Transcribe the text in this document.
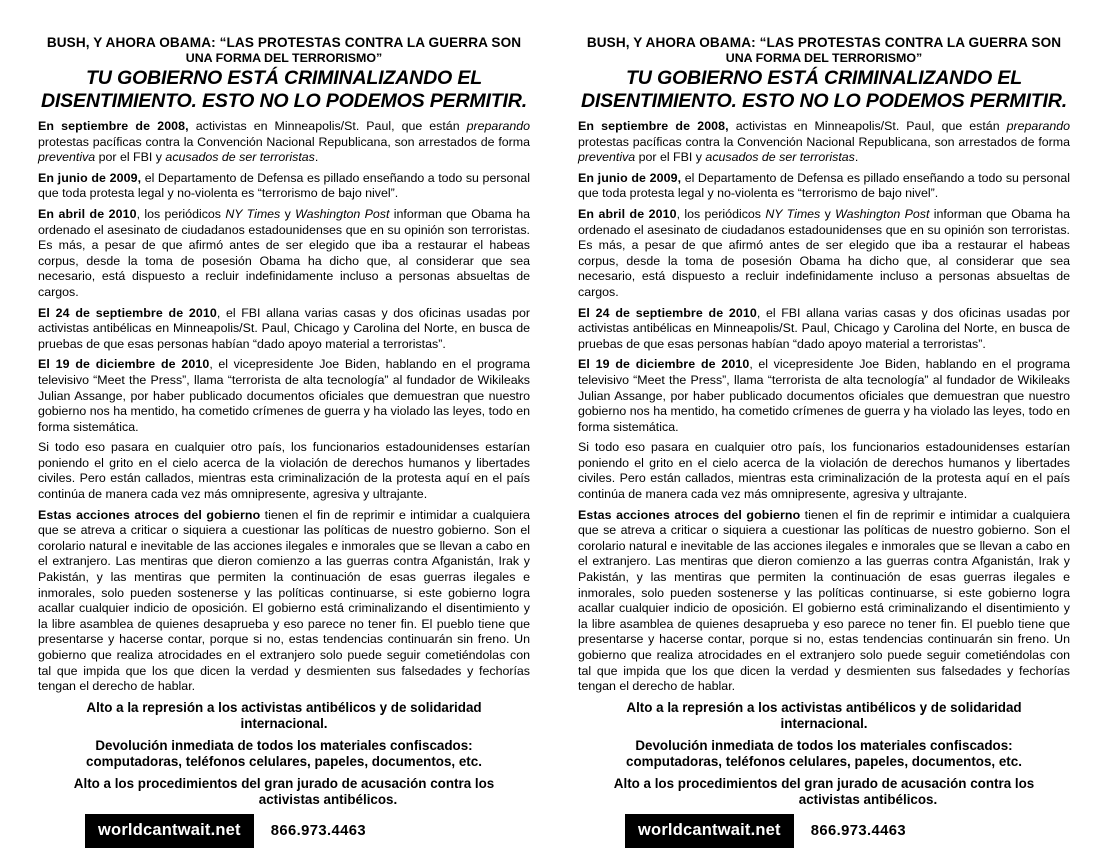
BUSH, Y AHORA OBAMA: “LAS PROTESTAS CONTRA LA GUERRA SON
UNA FORMA DEL TERRORISMO”
TU GOBIERNO ESTÁ CRIMINALIZANDO EL
DISENTIMIENTO. ESTO NO LO PODEMOS PERMITIR.

En septiembre de 2008, activistas en Minneapolis/St. Paul, que están preparando protestas pacíficas contra la Convención Nacional Republicana, son arrestados de forma preventiva por el FBI y acusados de ser terroristas.

En junio de 2009, el Departamento de Defensa es pillado enseñando a todo su personal que toda protesta legal y no-violenta es “terrorismo de bajo nivel”.

En abril de 2010, los periódicos NY Times y Washington Post informan que Obama ha ordenado el asesinato de ciudadanos estadounidenses que en su opinión son terroristas. Es más, a pesar de que afirmó antes de ser elegido que iba a restaurar el habeas corpus, desde la toma de posesión Obama ha dicho que, al considerar que sea necesario, está dispuesto a recluir indefinidamente incluso a personas absueltas de cargos.

El 24 de septiembre de 2010, el FBI allana varias casas y dos oficinas usadas por activistas antibélicas en Minneapolis/St. Paul, Chicago y Carolina del Norte, en busca de pruebas de que esas personas habían “dado apoyo material a terroristas”.

El 19 de diciembre de 2010, el vicepresidente Joe Biden, hablando en el programa televisivo “Meet the Press”, llama “terrorista de alta tecnología” al fundador de Wikileaks Julian Assange, por haber publicado documentos oficiales que demuestran que nuestro gobierno nos ha mentido, ha cometido crímenes de guerra y ha violado las leyes, todo en forma sistemática.

Si todo eso pasara en cualquier otro país, los funcionarios estadounidenses estarían poniendo el grito en el cielo acerca de la violación de derechos humanos y libertades civiles. Pero están callados, mientras esta criminalización de la protesta aquí en el país continúa de manera cada vez más omnipresente, agresiva y ultrajante.

Estas acciones atroces del gobierno tienen el fin de reprimir e intimidar a cualquiera que se atreva a criticar o siquiera a cuestionar las políticas de nuestro gobierno. Son el corolario natural e inevitable de las acciones ilegales e inmorales que se llevan a cabo en el extranjero. Las mentiras que dieron comienzo a las guerras contra Afganistán, Irak y Pakistán, y las mentiras que permiten la continuación de esas guerras ilegales e inmorales, solo pueden sostenerse y las políticas continuarse, si este gobierno logra acallar cualquier indicio de oposición. El gobierno está criminalizando el disentimiento y la libre asamblea de quienes desaprueba y eso parece no tener fin. El pueblo tiene que presentarse y hacerse contar, porque si no, estas tendencias continuarán sin freno. Un gobierno que realiza atrocidades en el extranjero solo puede seguir cometiéndolas con tal que impida que los que dicen la verdad y desmienten sus falsedades y fechorías tengan el derecho de hablar.

Alto a la represión a los activistas antibélicos y de solidaridad
internacional.
Devolución inmediata de todos los materiales confiscados:
computadoras, teléfonos celulares, papeles, documentos, etc.
Alto a los procedimientos del gran jurado de acusación contra los
activistas antibélicos.
worldcantwait.net	866.973.4463
BUSH, Y AHORA OBAMA: “LAS PROTESTAS CONTRA LA GUERRA SON
UNA FORMA DEL TERRORISMO”
TU GOBIERNO ESTÁ CRIMINALIZANDO EL
DISENTIMIENTO. ESTO NO LO PODEMOS PERMITIR.

En septiembre de 2008, activistas en Minneapolis/St. Paul, que están preparando protestas pacíficas contra la Convención Nacional Republicana, son arrestados de forma preventiva por el FBI y acusados de ser terroristas.

En junio de 2009, el Departamento de Defensa es pillado enseñando a todo su personal que toda protesta legal y no-violenta es “terrorismo de bajo nivel”.

En abril de 2010, los periódicos NY Times y Washington Post informan que Obama ha ordenado el asesinato de ciudadanos estadounidenses que en su opinión son terroristas. Es más, a pesar de que afirmó antes de ser elegido que iba a restaurar el habeas corpus, desde la toma de posesión Obama ha dicho que, al considerar que sea necesario, está dispuesto a recluir indefinidamente incluso a personas absueltas de cargos.

El 24 de septiembre de 2010, el FBI allana varias casas y dos oficinas usadas por activistas antibélicas en Minneapolis/St. Paul, Chicago y Carolina del Norte, en busca de pruebas de que esas personas habían “dado apoyo material a terroristas”.

El 19 de diciembre de 2010, el vicepresidente Joe Biden, hablando en el programa televisivo “Meet the Press”, llama “terrorista de alta tecnología” al fundador de Wikileaks Julian Assange, por haber publicado documentos oficiales que demuestran que nuestro gobierno nos ha mentido, ha cometido crímenes de guerra y ha violado las leyes, todo en forma sistemática.

Si todo eso pasara en cualquier otro país, los funcionarios estadounidenses estarían poniendo el grito en el cielo acerca de la violación de derechos humanos y libertades civiles. Pero están callados, mientras esta criminalización de la protesta aquí en el país continúa de manera cada vez más omnipresente, agresiva y ultrajante.

Estas acciones atroces del gobierno tienen el fin de reprimir e intimidar a cualquiera que se atreva a criticar o siquiera a cuestionar las políticas de nuestro gobierno. Son el corolario natural e inevitable de las acciones ilegales e inmorales que se llevan a cabo en el extranjero. Las mentiras que dieron comienzo a las guerras contra Afganistán, Irak y Pakistán, y las mentiras que permiten la continuación de esas guerras ilegales e inmorales, solo pueden sostenerse y las políticas continuarse, si este gobierno logra acallar cualquier indicio de oposición. El gobierno está criminalizando el disentimiento y la libre asamblea de quienes desaprueba y eso parece no tener fin. El pueblo tiene que presentarse y hacerse contar, porque si no, estas tendencias continuarán sin freno. Un gobierno que realiza atrocidades en el extranjero solo puede seguir cometiéndolas con tal que impida que los que dicen la verdad y desmienten sus falsedades y fechorías tengan el derecho de hablar.

Alto a la represión a los activistas antibélicos y de solidaridad
internacional.
Devolución inmediata de todos los materiales confiscados:
computadoras, teléfonos celulares, papeles, documentos, etc.
Alto a los procedimientos del gran jurado de acusación contra los
activistas antibélicos.
worldcantwait.net	866.973.4463
